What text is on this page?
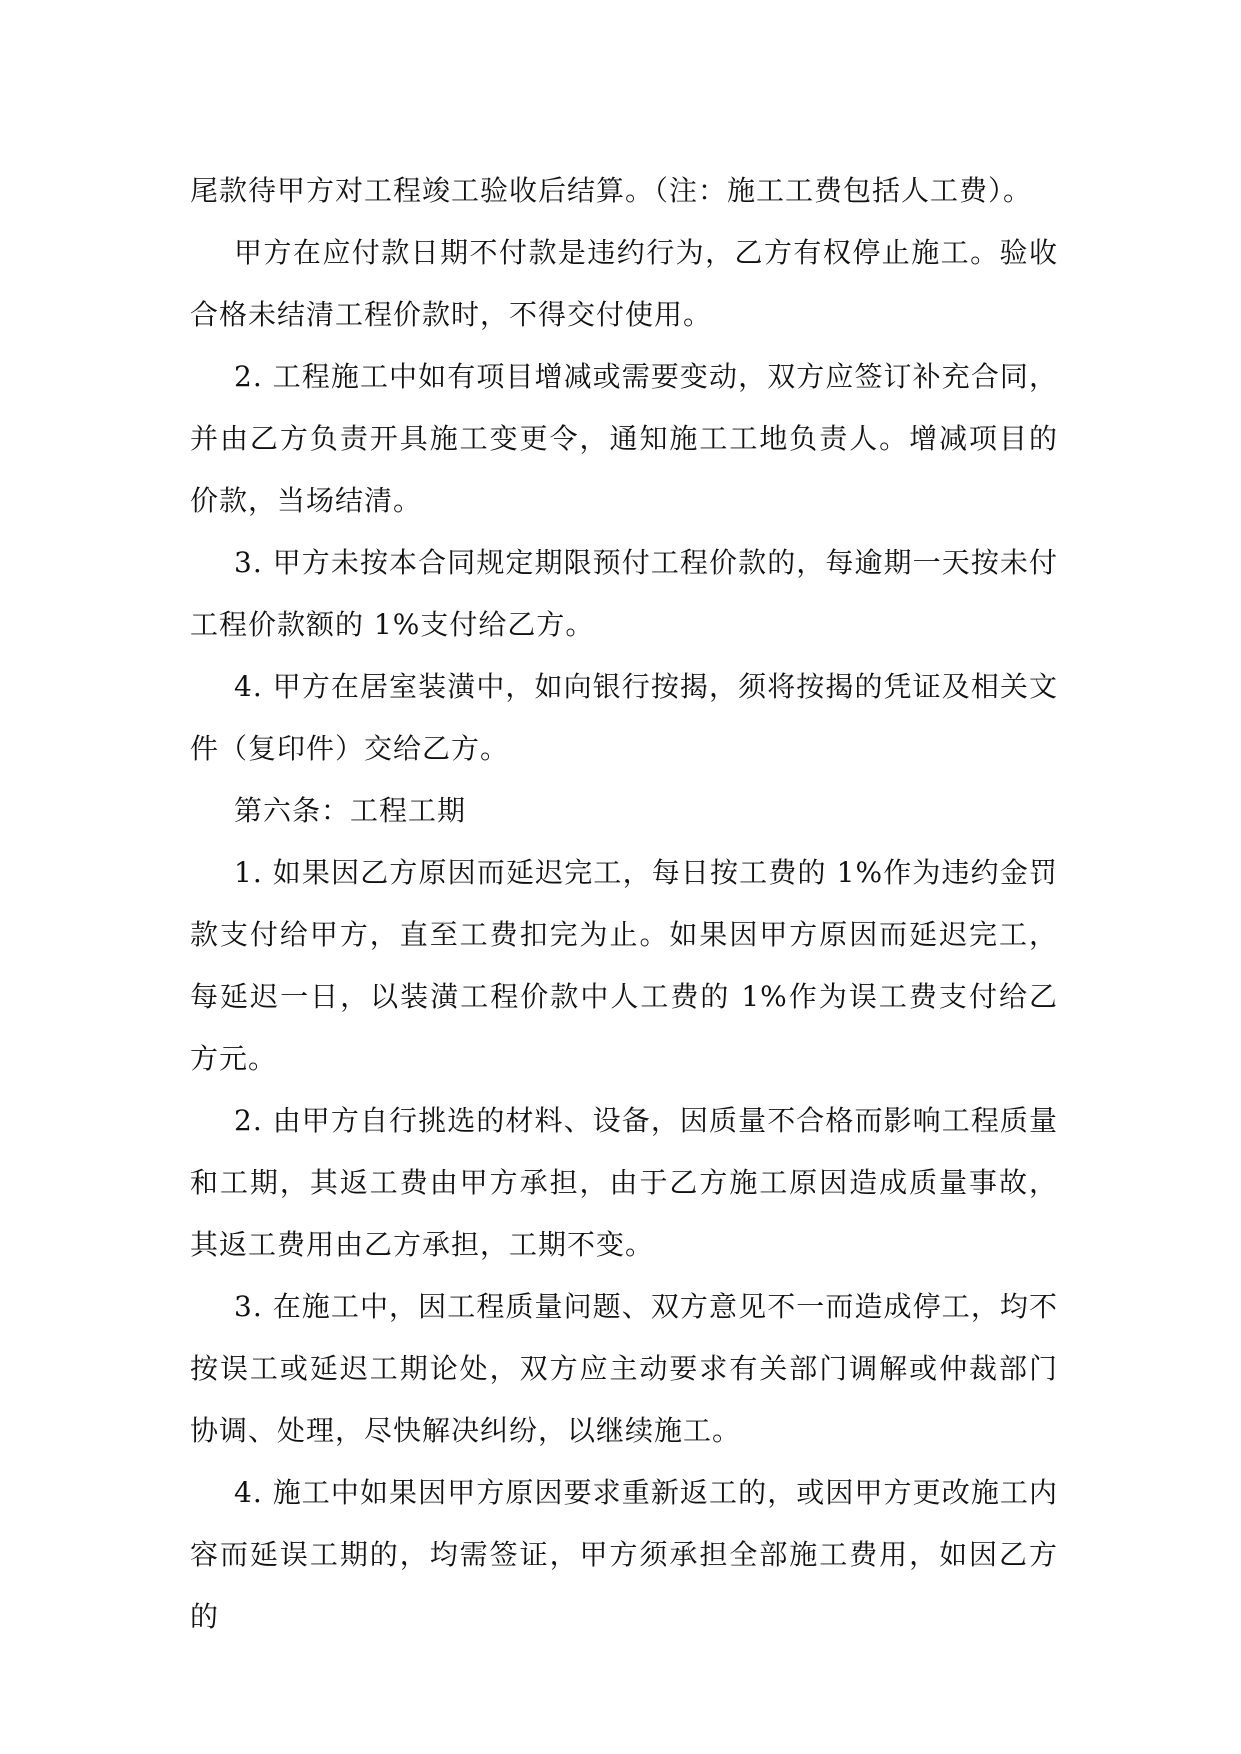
尾款待甲方对工程竣工验收后结算。（注：施工工费包括人工费）。

甲方在应付款日期不付款是违约行为，乙方有权停止施工。验收合格未结清工程价款时，不得交付使用。

2. 工程施工中如有项目增减或需要变动，双方应签订补充合同，并由乙方负责开具施工变更令，通知施工工地负责人。增减项目的价款，当场结清。

3. 甲方未按本合同规定期限预付工程价款的，每逾期一天按未付工程价款额的 1%支付给乙方。

4. 甲方在居室装潢中，如向银行按揭，须将按揭的凭证及相关文件（复印件）交给乙方。

第六条：工程工期

1. 如果因乙方原因而延迟完工，每日按工费的 1%作为违约金罚款支付给甲方，直至工费扣完为止。如果因甲方原因而延迟完工，每延迟一日，以装潢工程价款中人工费的 1%作为误工费支付给乙方元。

2. 由甲方自行挑选的材料、设备，因质量不合格而影响工程质量和工期，其返工费由甲方承担，由于乙方施工原因造成质量事故，其返工费用由乙方承担，工期不变。

3. 在施工中，因工程质量问题、双方意见不一而造成停工，均不按误工或延迟工期论处，双方应主动要求有关部门调解或仲裁部门协调、处理，尽快解决纠纷，以继续施工。

4. 施工中如果因甲方原因要求重新返工的，或因甲方更改施工内容而延误工期的，均需签证，甲方须承担全部施工费用，如因乙方的
